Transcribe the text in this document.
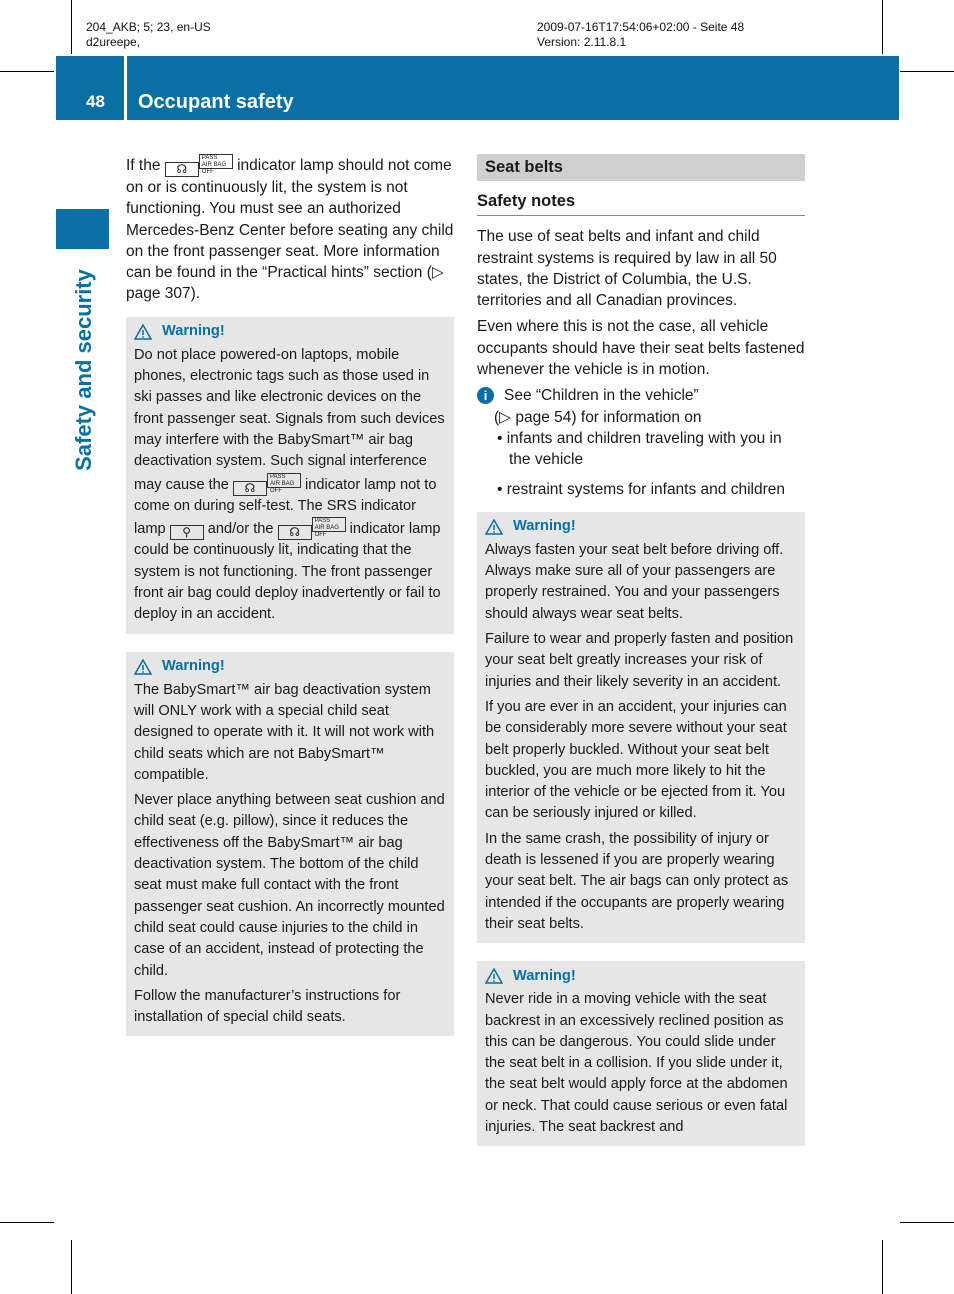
204_AKB; 5; 23, en-US
d2ureepe,
2009-07-16T17:54:06+02:00 - Seite 48
Version: 2.11.8.1
48 Occupant safety
Safety and security

If the ☊PASS
AIR BAG OFF indicator lamp should not come on or is continuously lit, the system is not functioning. You must see an authorized Mercedes-Benz Center before seating any child on the front passenger seat. More information can be found in the “Practical hints” section (▷ page 307).

Warning!

Do not place powered-on laptops, mobile phones, electronic tags such as those used in ski passes and like electronic devices on the front passenger seat. Signals from such devices may interfere with the BabySmart™ air bag deactivation system. Such signal interference may cause the ☊PASS
AIR BAG OFF indicator lamp not to come on during self-test. The SRS indicator lamp ⚲ and/or the ☊PASS
AIR BAG OFF indicator lamp could be continuously lit, indicating that the system is not functioning. The front passenger front air bag could deploy inadvertently or fail to deploy in an accident.

Warning!

The BabySmart™ air bag deactivation system will ONLY work with a special child seat designed to operate with it. It will not work with child seats which are not BabySmart™ compatible.

Never place anything between seat cushion and child seat (e.g. pillow), since it reduces the effectiveness off the BabySmart™ air bag deactivation system. The bottom of the child seat must make full contact with the front passenger seat cushion. An incorrectly mounted child seat could cause injuries to the child in case of an accident, instead of protecting the child.

Follow the manufacturer’s instructions for installation of special child seats.

Seat belts
Safety notes

The use of seat belts and infant and child restraint systems is required by law in all 50 states, the District of Columbia, the U.S. territories and all Canadian provinces.

Even where this is not the case, all vehicle occupants should have their seat belts fastened whenever the vehicle is in motion.

i	See “Children in the vehicle”
(▷ page 54) for information on
• infants and children traveling with you in the vehicle
• restraint systems for infants and children
Warning!

Always fasten your seat belt before driving off. Always make sure all of your passengers are properly restrained. You and your passengers should always wear seat belts.

Failure to wear and properly fasten and position your seat belt greatly increases your risk of injuries and their likely severity in an accident.

If you are ever in an accident, your injuries can be considerably more severe without your seat belt properly buckled. Without your seat belt buckled, you are much more likely to hit the interior of the vehicle or be ejected from it. You can be seriously injured or killed.

In the same crash, the possibility of injury or death is lessened if you are properly wearing your seat belt. The air bags can only protect as intended if the occupants are properly wearing their seat belts.

Warning!

Never ride in a moving vehicle with the seat backrest in an excessively reclined position as this can be dangerous. You could slide under the seat belt in a collision. If you slide under it, the seat belt would apply force at the abdomen or neck. That could cause serious or even fatal injuries. The seat backrest and
